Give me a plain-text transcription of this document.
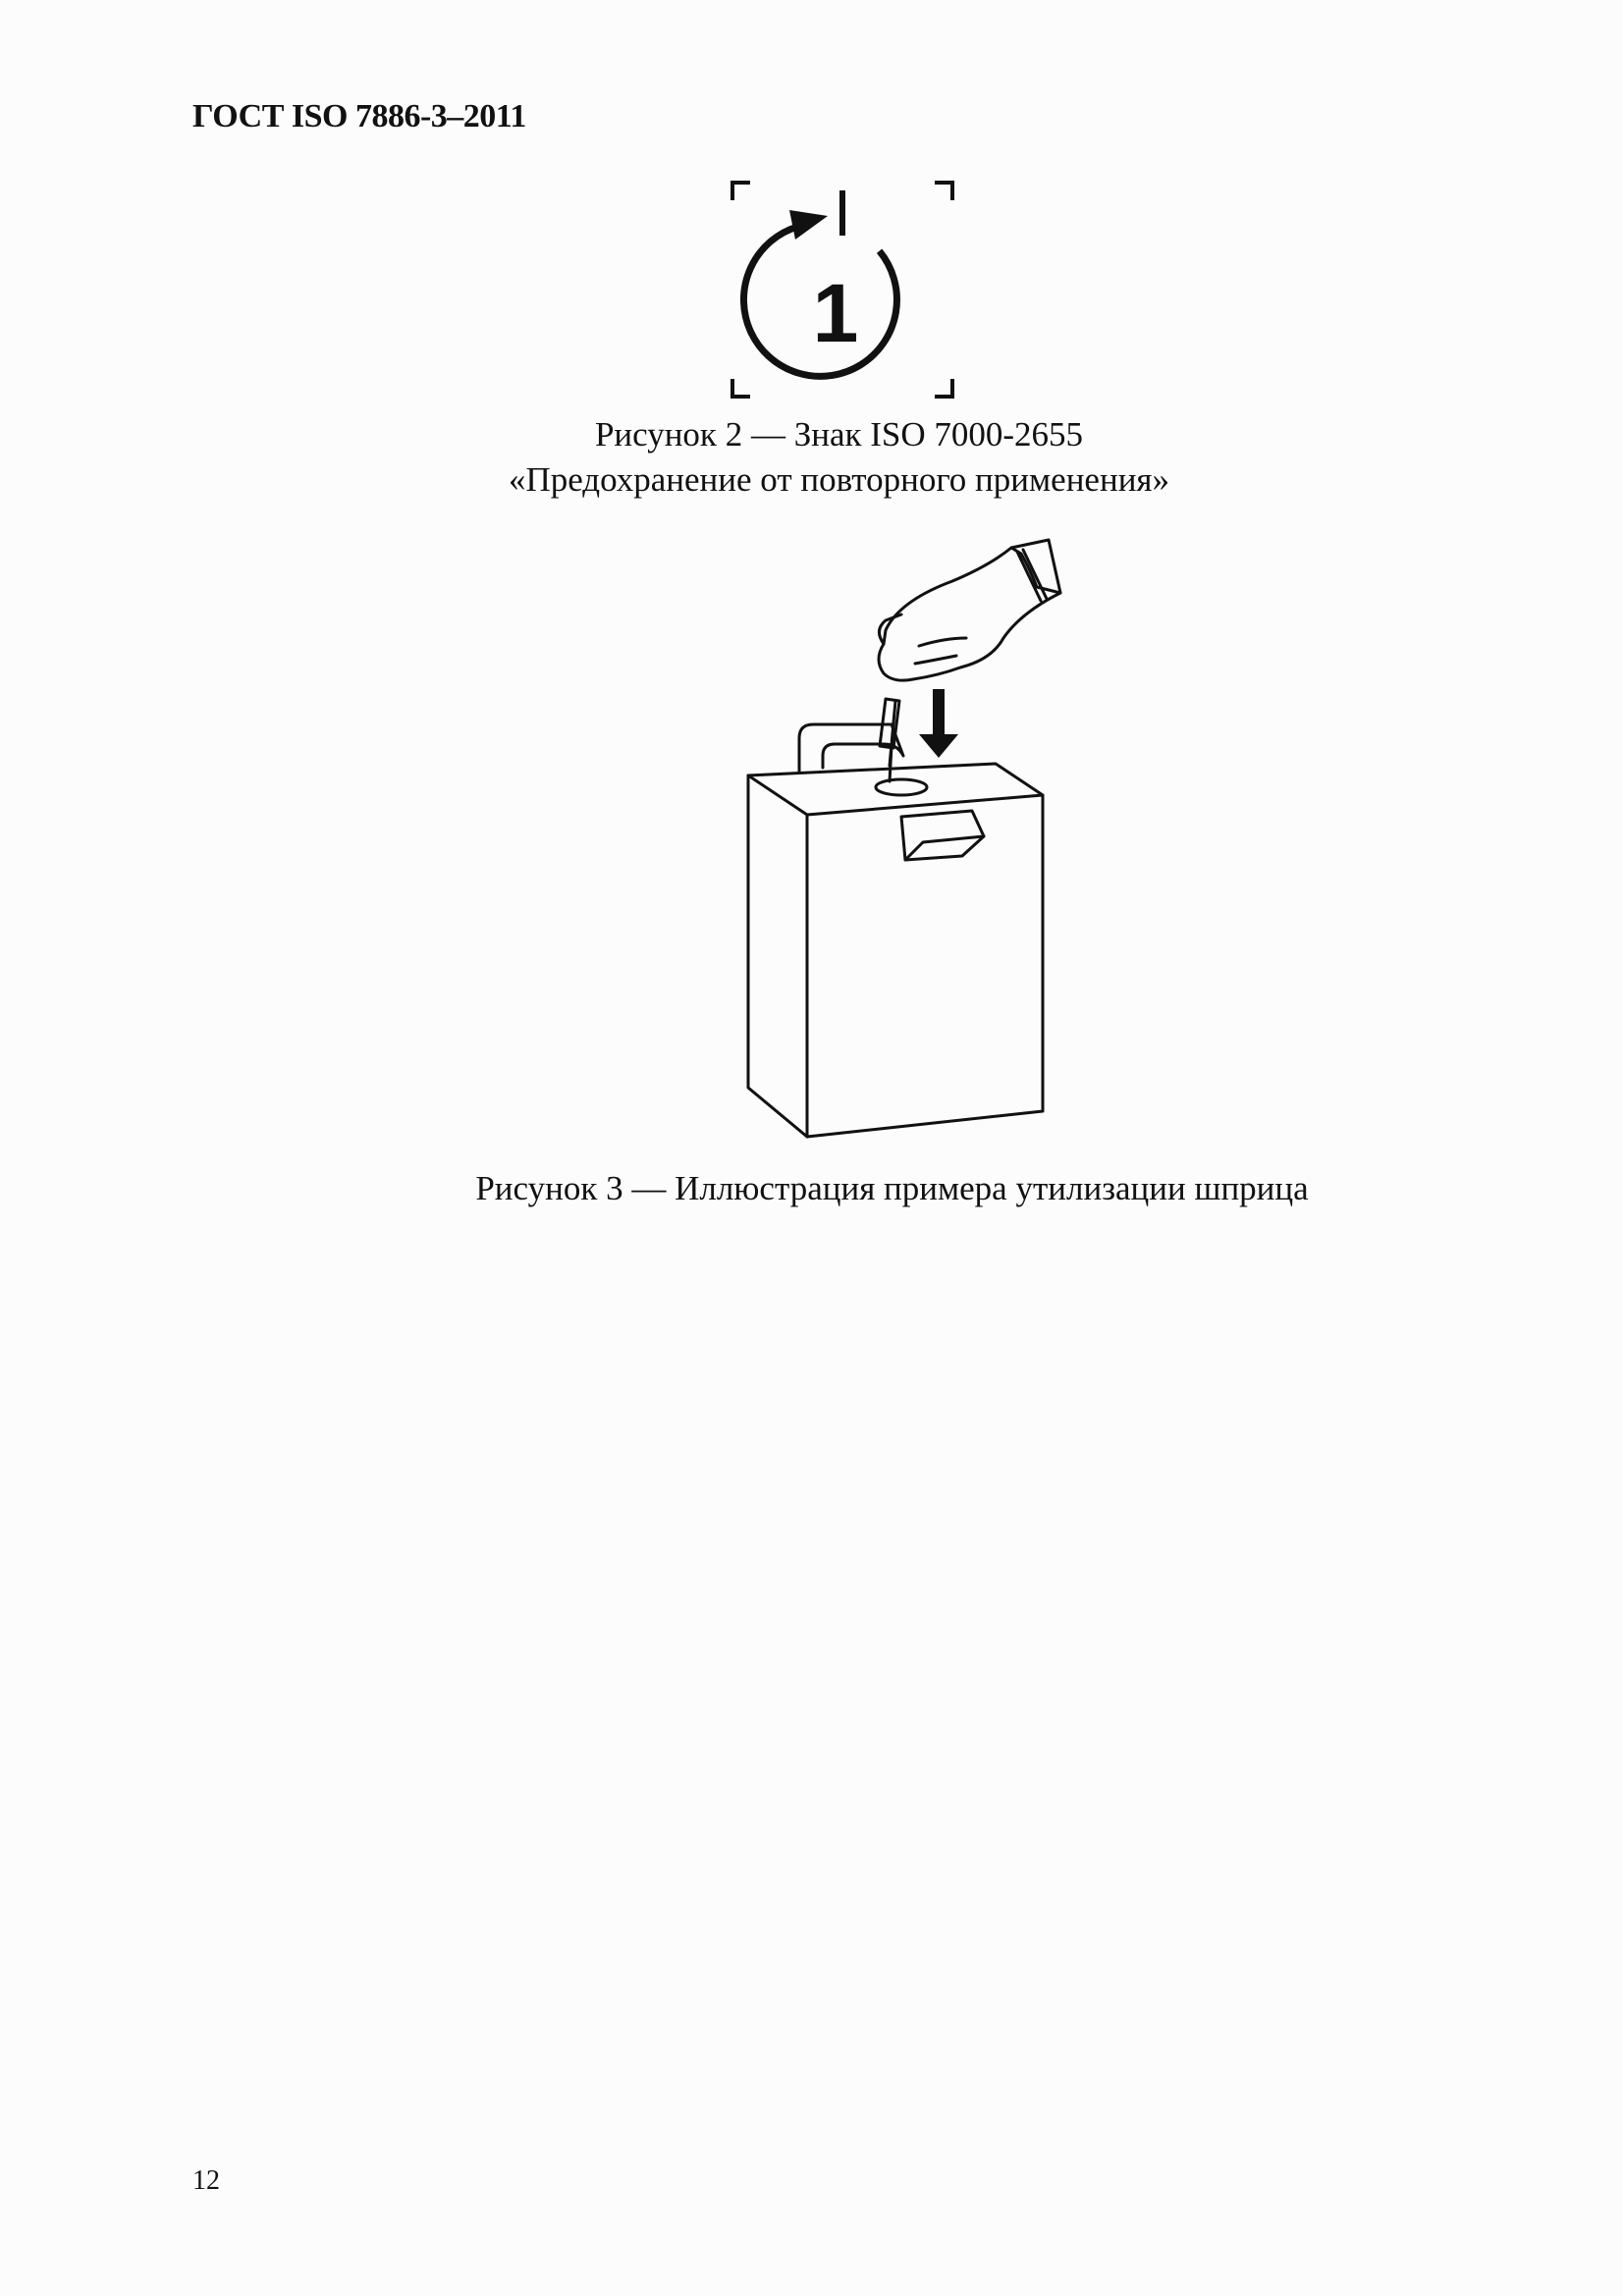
ГОСТ ISO 7886-3–2011
1
Рисунок 2 — Знак ISO 7000-2655
«Предохранение от повторного применения»
Рисунок 3 — Иллюстрация примера утилизации шприца
12
